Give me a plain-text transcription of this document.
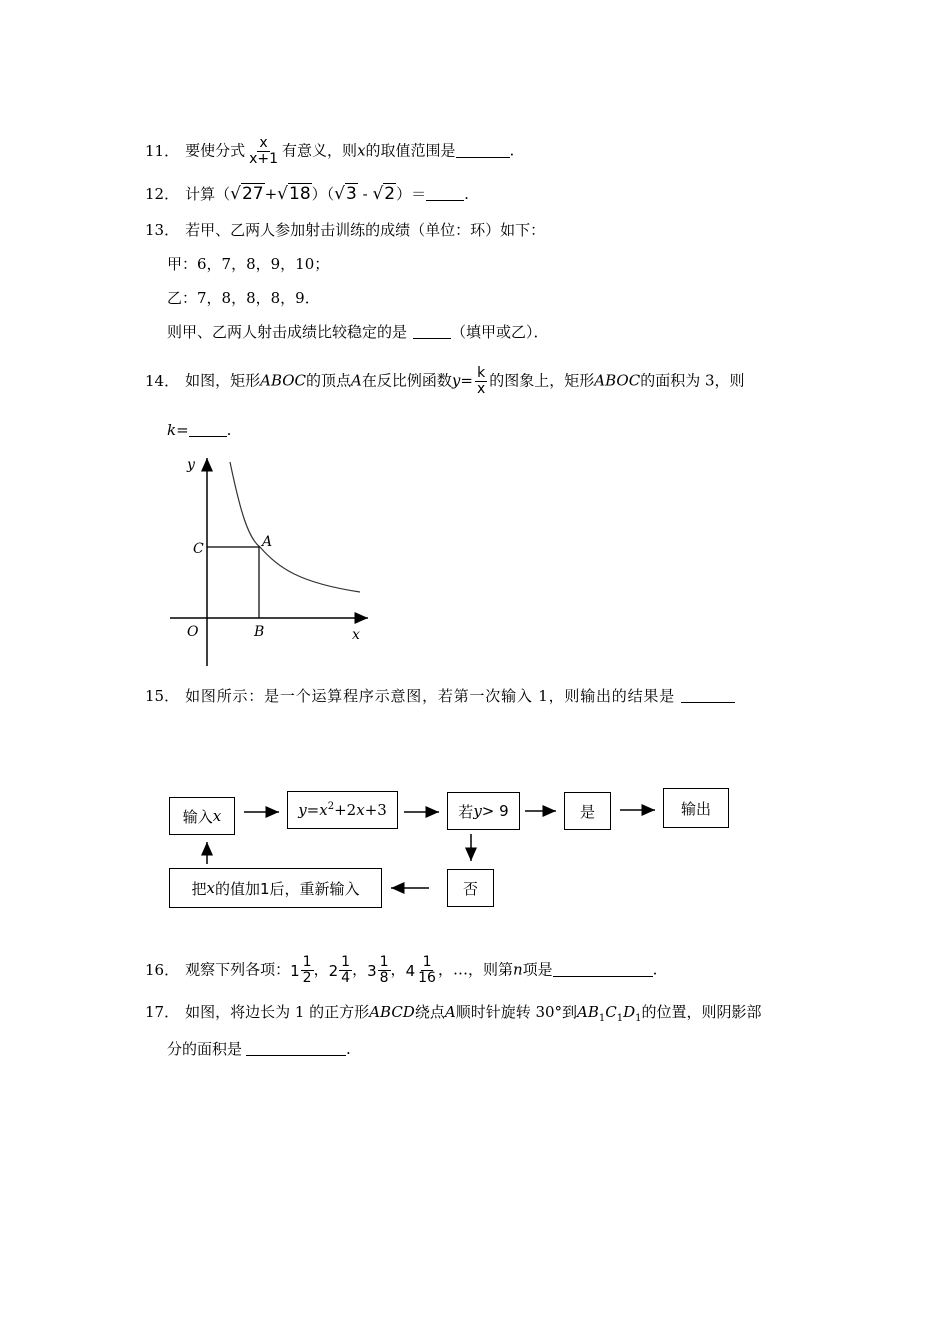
11． 要使分式 $\frac{x}{x+1}$ 有意义，则x的取值范围是	.
12． 计算（√27+√18）（√3 - √2）＝	.
13． 若甲、乙两人参加射击训练的成绩（单位：环）如下：
甲：6，7，8，9，10；
乙：7，8，8，8，9．
则甲、乙两人射击成绩比较稳定的是	（填甲或乙）．
14． 如图，矩形ABOC的顶点A在反比例函数$y= \frac{k}{x}$ 的图象上，矩形ABOC的面积为 3，则
k=	.
y
x
O	B
C	A
15． 如图所示：是一个运算程序示意图，若第一次输入 1，则输出的结果是
输入 x	$y=x^2+2x+3$	若 y > 9	是	输出
否
把 x 的值加1后，重新输入
16． 观察下列各项： $1 \frac{1}{2}$ ， $2 \frac{1}{4}$ ， $3 \frac{1}{8}$ ， $4 \frac{1}{16}$ ，…，则第n项是	.
17． 如图，将边长为 1 的正方形ABCD绕点A顺时针旋转 30°到$AB_1C_1D_1$的位置，则阴影部
分的面积是	.
